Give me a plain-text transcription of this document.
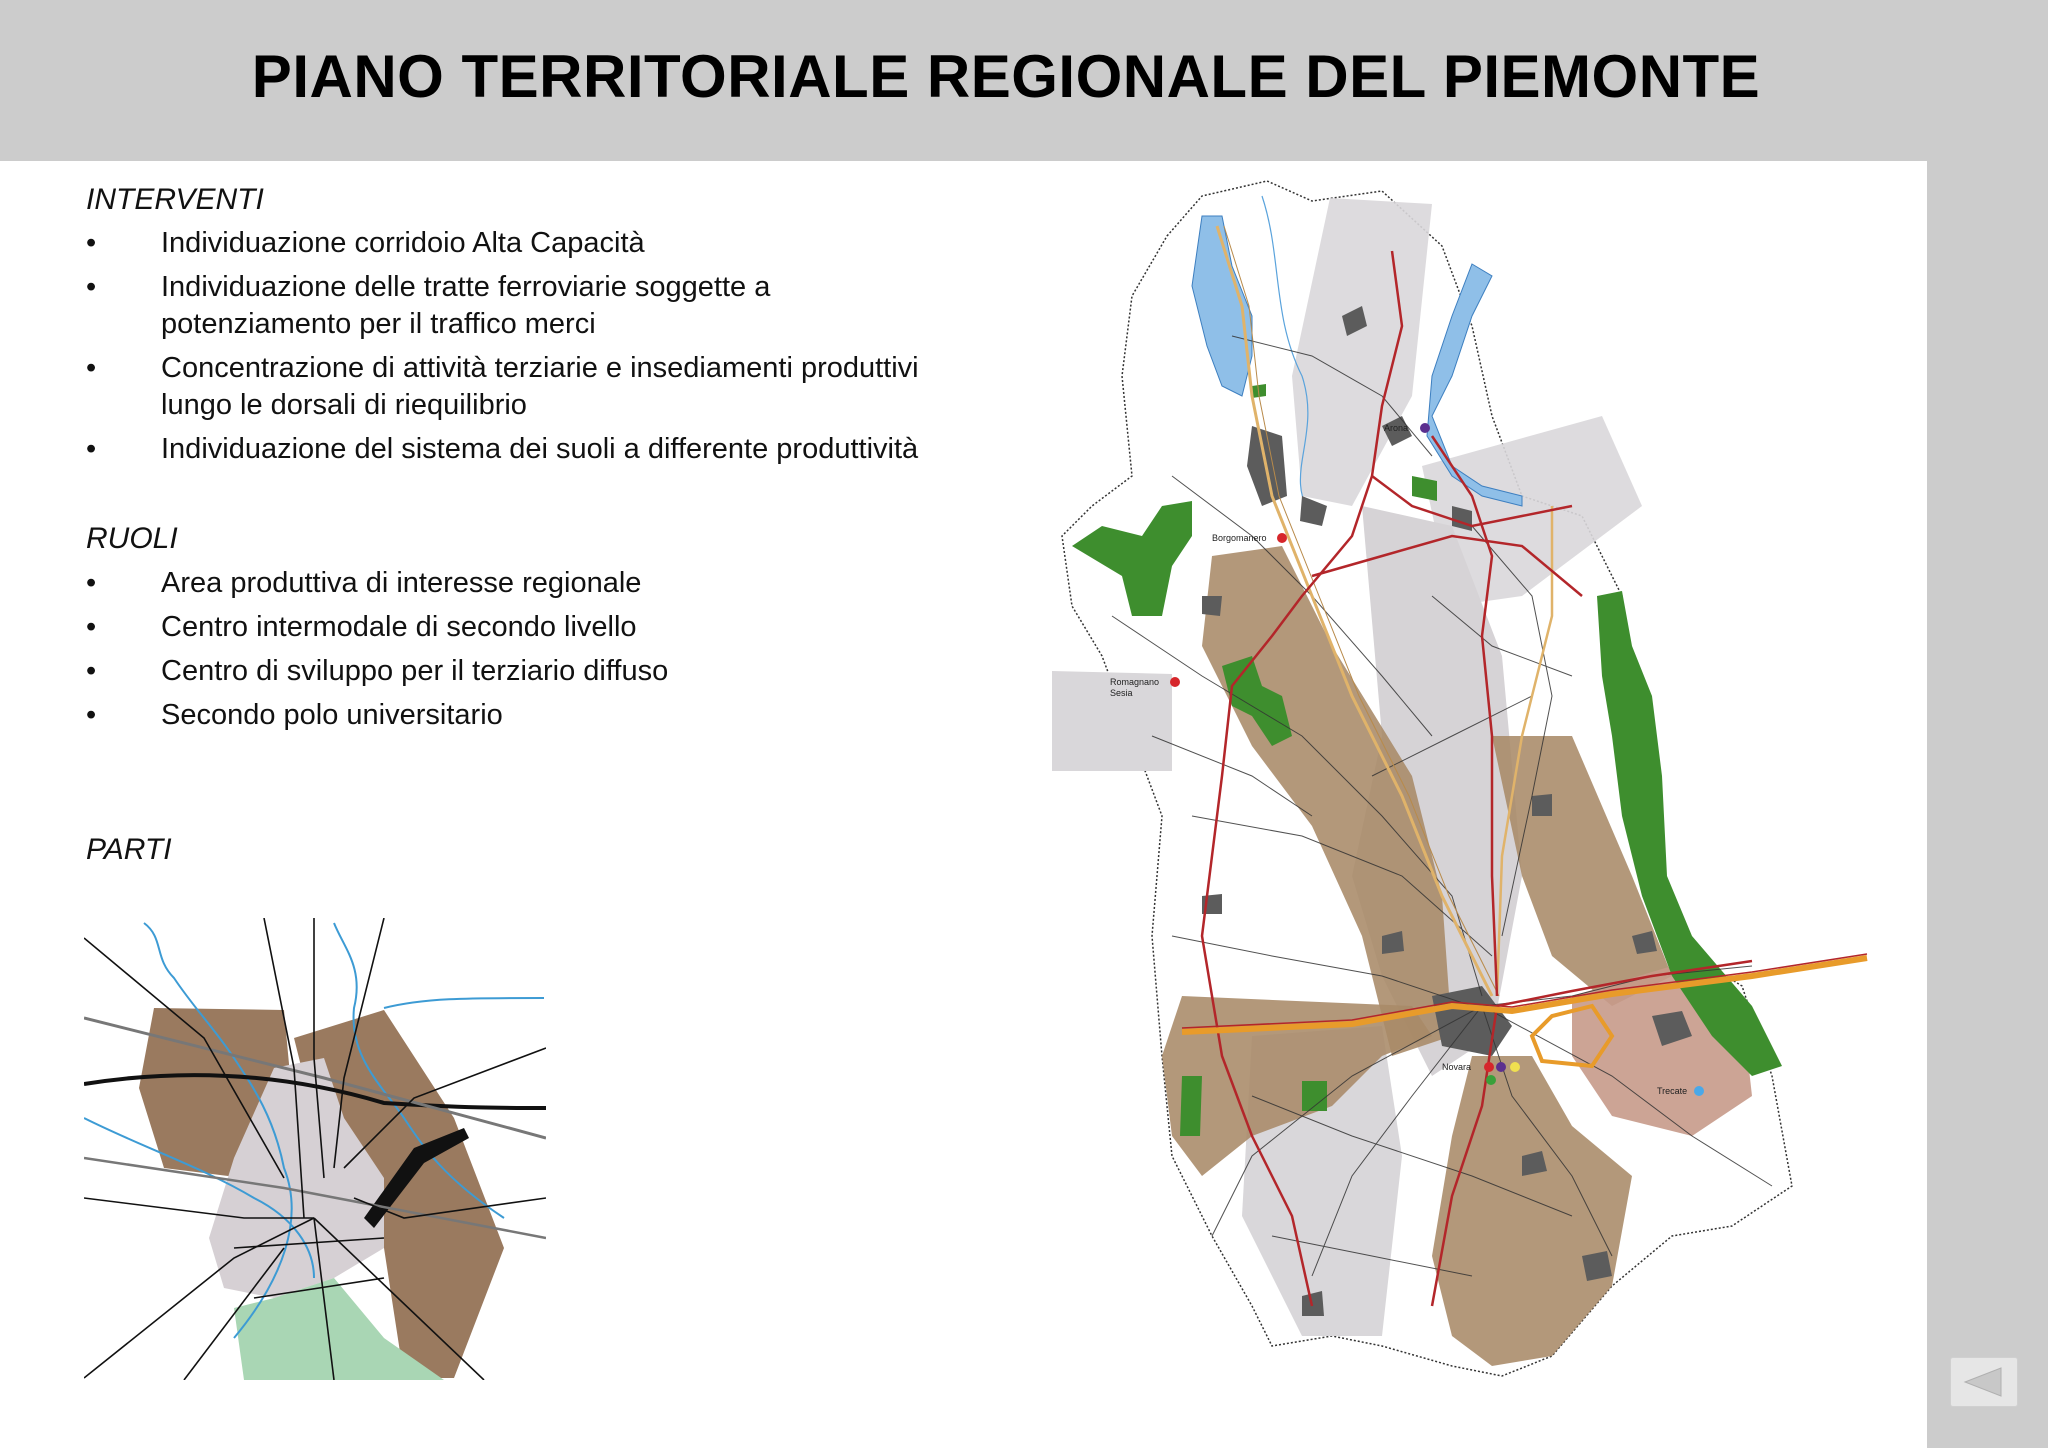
PIANO TERRITORIALE REGIONALE DEL PIEMONTE
INTERVENTI
• Individuazione corridoio Alta Capacità
• Individuazione delle tratte ferroviarie soggette a potenziamento per il traffico merci
• Concentrazione di attività terziarie e insediamenti produttivi lungo le dorsali di riequilibrio
• Individuazione del sistema dei suoli a differente produttività
RUOLI
• Area produttiva di interesse regionale
• Centro intermodale di secondo livello
• Centro di sviluppo per il terziario diffuso
• Secondo polo universitario
PARTI
Arona
Borgomanero
Romagnano
Sesia
Novara
Trecate
